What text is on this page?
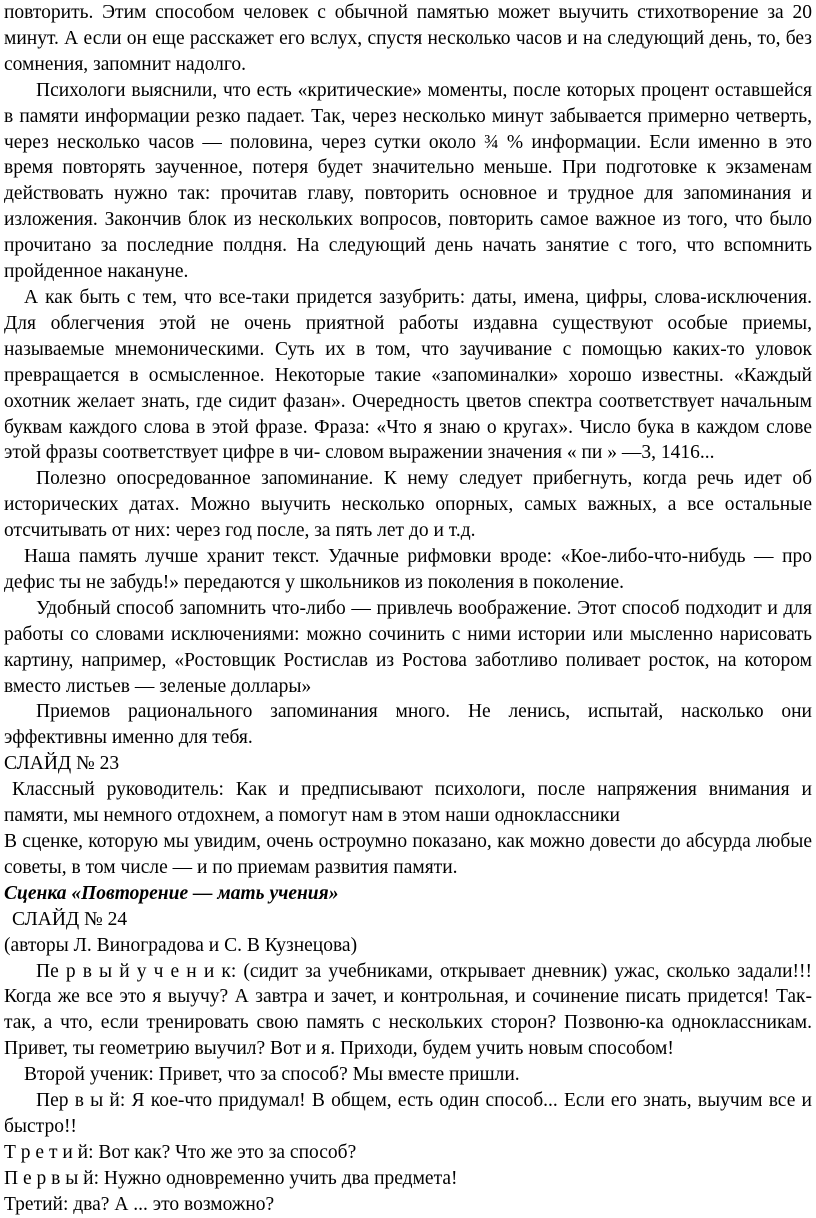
повторить. Этим способом человек с обычной памятью может выучить стихотворение за 20 минут. А если он еще расскажет его вслух, спустя несколько часов и на следующий день, то, без сомнения, запомнит надолго.

Психологи выяснили, что есть «критические» моменты, после которых процент оставшейся в памяти информации резко падает. Так, через несколько минут забывается примерно четверть, через несколько часов — половина, через сутки около ¾ % информации. Если именно в это время повторять заученное, потеря будет значительно меньше. При подготовке к экзаменам действовать нужно так: прочитав главу, повторить основное и трудное для запоминания и изложения. Закончив блок из нескольких вопросов, повторить самое важное из того, что было прочитано за последние полдня. На следующий день начать занятие с того, что вспомнить пройденное накануне.

А как быть с тем, что все-таки придется зазубрить: даты, имена, цифры, слова-исключения. Для облегчения этой не очень приятной работы издавна существуют особые приемы, называемые мнемоническими. Суть их в том, что заучивание с помощью каких-то уловок превращается в осмысленное. Некоторые такие «запоминалки» хорошо известны. «Каждый охотник желает знать, где сидит фазан». Очередность цветов спектра соответствует начальным буквам каждого слова в этой фразе. Фраза: «Что я знаю о кругах». Число бука в каждом слове этой фразы соответствует цифре в чи- словом выражении значения « пи » —3, 1416...

Полезно опосредованное запоминание. К нему следует прибегнуть, когда речь идет об исторических датах. Можно выучить несколько опорных, самых важных, а все остальные отсчитывать от них: через год после, за пять лет до и т.д.

Наша память лучше хранит текст. Удачные рифмовки вроде: «Кое-либо-что-нибудь — про дефис ты не забудь!» передаются у школьников из поколения в поколение.

Удобный способ запомнить что-либо — привлечь воображение. Этот способ подходит и для работы со словами исключениями: можно сочинить с ними истории или мысленно нарисовать картину, например, «Ростовщик Ростислав из Ростова заботливо поливает росток, на котором вместо листьев — зеленые доллары»

Приемов рационального запоминания много. Не ленись, испытай, насколько они эффективны именно для тебя.

СЛАЙД № 23

Классный руководитель: Как и предписывают психологи, после напряжения внимания и памяти, мы немного отдохнем, а помогут нам в этом наши одноклассники

В сценке, которую мы увидим, очень остроумно показано, как можно довести до абсурда любые советы, в том числе — и по приемам развития памяти.

Сценка «Повторение — мать учения»

СЛАЙД № 24

(авторы Л. Виноградова и С. В Кузнецова)

Пе р в ы й у ч е н и к: (сидит за учебниками, открывает дневник) ужас, сколько задали!!! Когда же все это я выучу? А завтра и зачет, и контрольная, и сочинение писать придется! Так-так, а что, если тренировать свою память с нескольких сторон? Позвоню-ка одноклассникам. Привет, ты геометрию выучил? Вот и я. Приходи, будем учить новым способом!

Второй ученик: Привет, что за способ? Мы вместе пришли.

Пер в ы й: Я кое-что придумал! В общем, есть один способ... Если его знать, выучим все и быстро!!

Т р е т и й: Вот как? Что же это за способ?

П е р в ы й: Нужно одновременно учить два предмета!

Третий: два? А ... это возможно?
